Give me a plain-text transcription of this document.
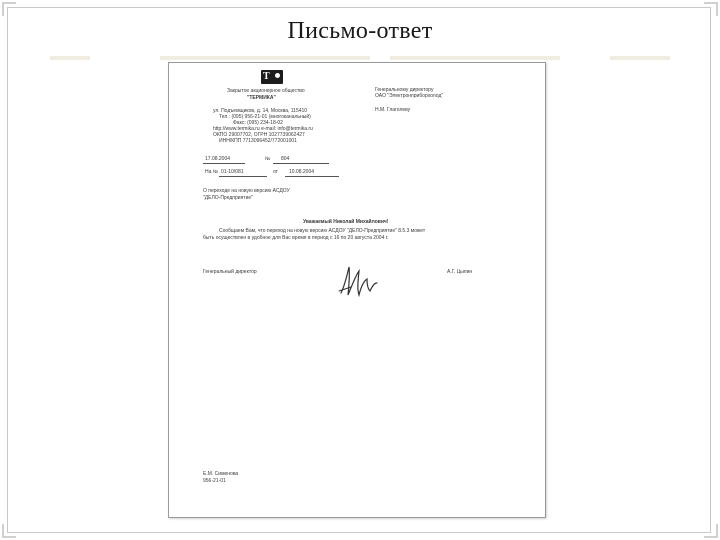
Письмо-ответ
T
Закрытое акционерное общество
"ТЕРМИКА"
ул. Подъемщиков, д. 14, Москва, 115410
Тел.: (095) 956-21-01 (многоканальный)
Факс: (095) 234-18-02
http://www.termika.ru e-mail: info@termika.ru
ОКПО 29007702, ОГРН 1027739062427
ИНН/КПП 7713096452/772001001
Генеральному директору
ОАО "Электронприборхолод"
Н.М. Глаголеву
17.08.2004	№ 804
На № 01-10/081	от 10.08.2004
О переходе на новую версию АСДОУ
"ДЕЛО-Предприятие"
Уважаемый Николай Михайлович!
Сообщаем Вам, что переход на новую версию АСДОУ "ДЕЛО-Предприятие" 8.5.3 может
быть осуществлен в удобное для Вас время в период с 16 по 20 августа 2004 г.
Генеральный директор	А.Г. Цыпин
Е.М. Сименова
956-21-01
